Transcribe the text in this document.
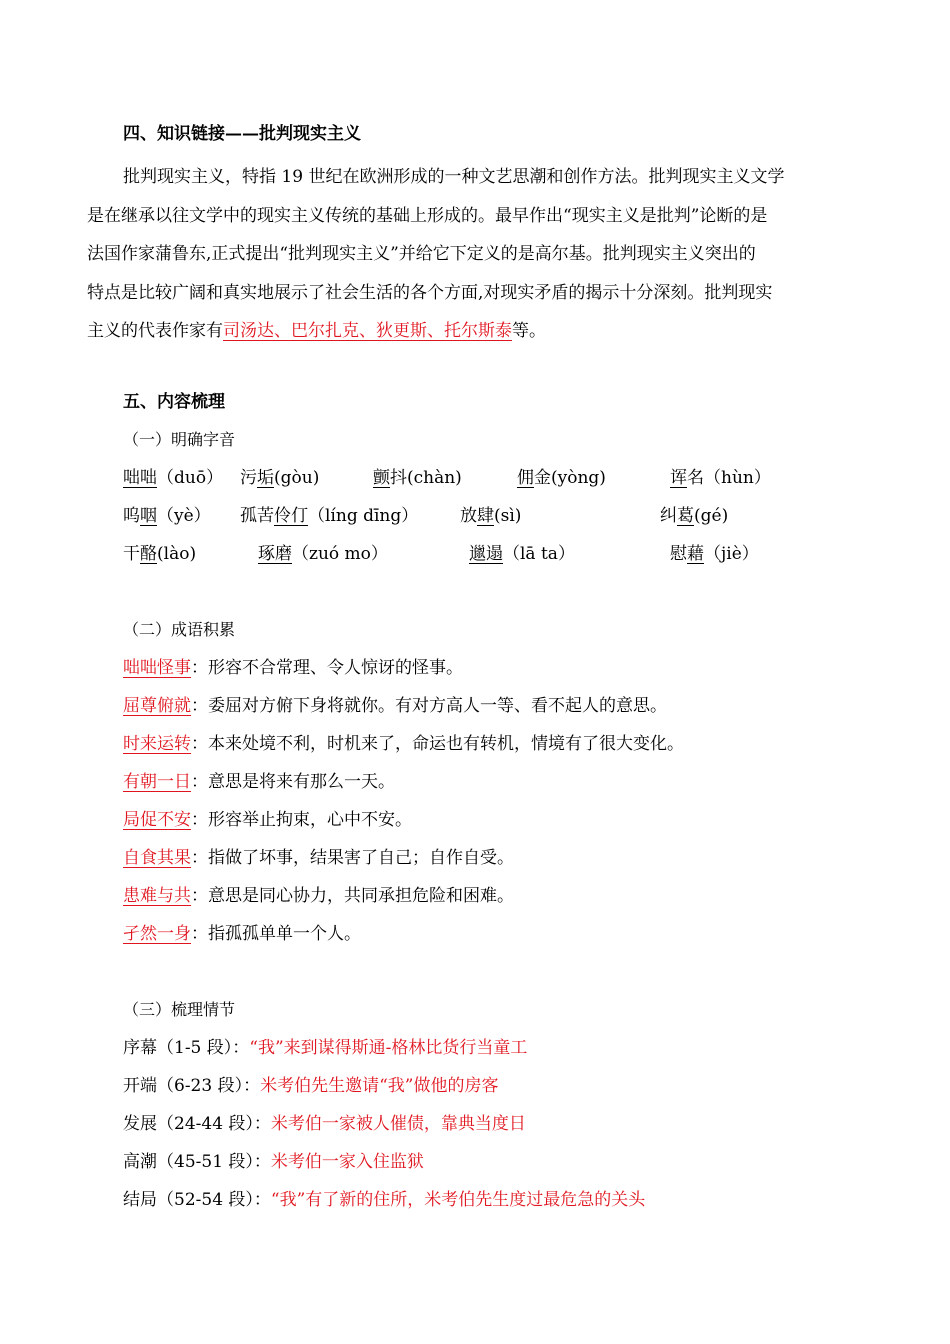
四、知识链接——批判现实主义
批判现实主义，特指 19 世纪在欧洲形成的一种文艺思潮和创作方法。批判现实主义文学
是在继承以往文学中的现实主义传统的基础上形成的。最早作出“现实主义是批判”论断的是
法国作家蒲鲁东,正式提出“批判现实主义”并给它下定义的是高尔基。批判现实主义突出的
特点是比较广阔和真实地展示了社会生活的各个方面,对现实矛盾的揭示十分深刻。批判现实
主义的代表作家有司汤达、巴尔扎克、狄更斯、托尔斯泰等。
五、内容梳理
（一）明确字音
咄咄（duō） 污垢(gòu)	颤抖(chàn)	佣金(yòng)	诨名（hùn）
呜咽（yè） 孤苦伶仃（líng dīng） 放肆(sì)	纠葛(gé)
干酪(lào)	琢磨（zuó mo）	邋遢（lā ta）	慰藉（jiè）
（二）成语积累
咄咄怪事：形容不合常理、令人惊讶的怪事。
屈尊俯就：委屈对方俯下身将就你。有对方高人一等、看不起人的意思。
时来运转：本来处境不利，时机来了，命运也有转机，情境有了很大变化。
有朝一日：意思是将来有那么一天。
局促不安：形容举止拘束，心中不安。
自食其果：指做了坏事，结果害了自己；自作自受。
患难与共：意思是同心协力，共同承担危险和困难。
孑然一身：指孤孤单单一个人。
（三）梳理情节
序幕（1-5 段）：“我”来到谋得斯通-格林比货行当童工
开端（6-23 段）：米考伯先生邀请“我”做他的房客
发展（24-44 段）：米考伯一家被人催债，靠典当度日
高潮（45-51 段）：米考伯一家入住监狱
结局（52-54 段）：“我”有了新的住所，米考伯先生度过最危急的关头
